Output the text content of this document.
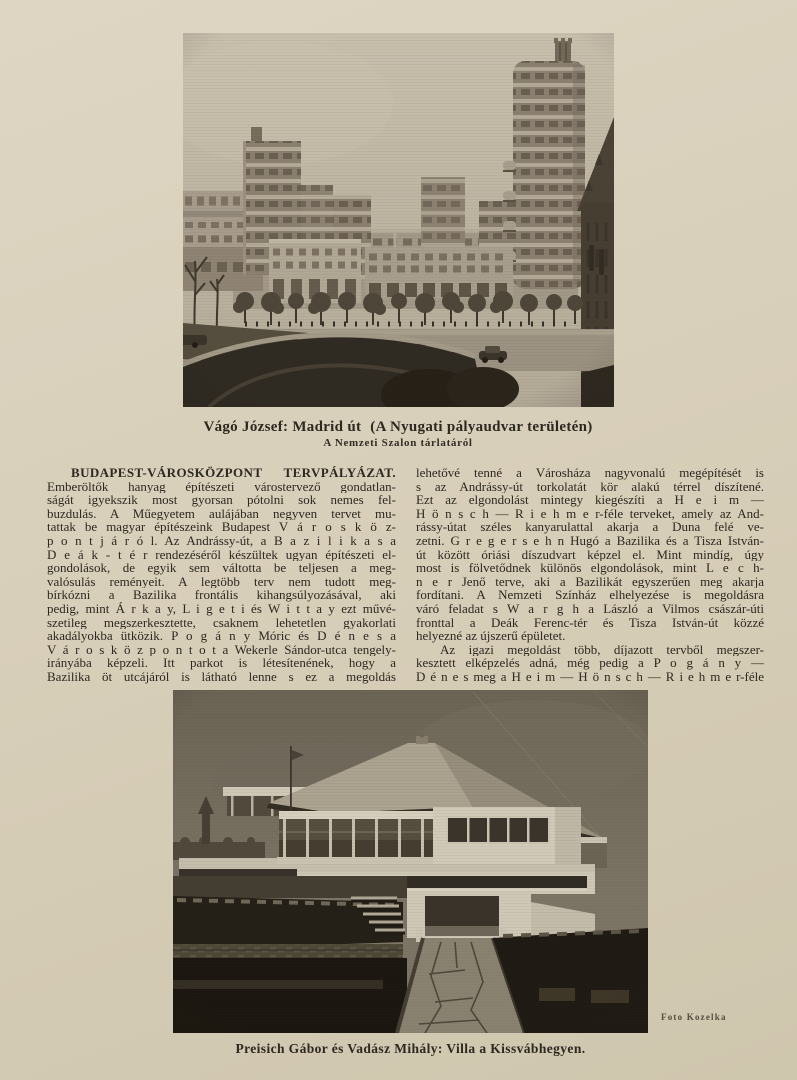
Vágó József: Madrid út (A Nyugati pályaudvar területén)
A Nemzeti Szalon tárlatáról
BUDAPEST-VÁROSKÖZPONT TERVPÁLYÁZAT.
Emberöltők hanyag építészeti várostervező gondatlan-
ságát igyekszik most gyorsan pótolni sok nemes fel-
buzdulás. A Műegyetem aulájában negyven tervet mu-
tattak be magyar építészeink Budapest V á r o s k ö z-
p o n t j á r ó l. Az Andrássy-út, a B a z i l i k a s a
D e á k - t é r rendezéséről készültek ugyan építészeti el-
gondolások, de egyik sem váltotta be teljesen a meg-
valósulás reményeit. A legtöbb terv nem tudott meg-
bírkózni a Bazilika frontális kihangsúlyozásával, aki
pedig, mint Á r k a y, L i g e t i és W i t t a y ezt művé-
szetileg megszerkesztette, csaknem lehetetlen gyakorlati
akadályokba ütközik. P o g á n y Móric és D é n e s a
V á r o s k ö z p o n t o t a Wekerle Sándor-utca tengely-
irányába képzeli. Itt parkot is létesítenének, hogy a
Bazilika öt utcájáról is látható lenne s ez a megoldás
lehetővé tenné a Városháza nagyvonalú megépítését is
s az Andrássy-út torkolatát kör alakú térrel díszítené.
Ezt az elgondolást mintegy kiegészíti a H e i m —
H ö n s c h — R i e h m e r-féle terveket, amely az And-
rássy-útat széles kanyarulattal akarja a Duna felé ve-
zetni. G r e g e r s e h n Hugó a Bazilika és a Tisza István-
út között óriási díszudvart képzel el. Mint mindíg, úgy
most is fölvetődnek különös elgondolások, mint L e c h-
n e r Jenő terve, aki a Bazilikát egyszerűen meg akarja
fordítani. A Nemzeti Színház elhelyezése is megoldásra
váró feladat s W a r g h a László a Vilmos császár-úti
fronttal a Deák Ferenc-tér és Tisza István-út közzé
helyezné az újszerű épületet.
Az igazi megoldást több, díjazott tervből megszer-
kesztett elképzelés adná, még pedig a P o g á n y —
D é n e s meg a H e i m — H ö n s c h — R i e h m e r-féle
Foto Kozelka
Preisich Gábor és Vadász Mihály: Villa a Kissvábhegyen.
